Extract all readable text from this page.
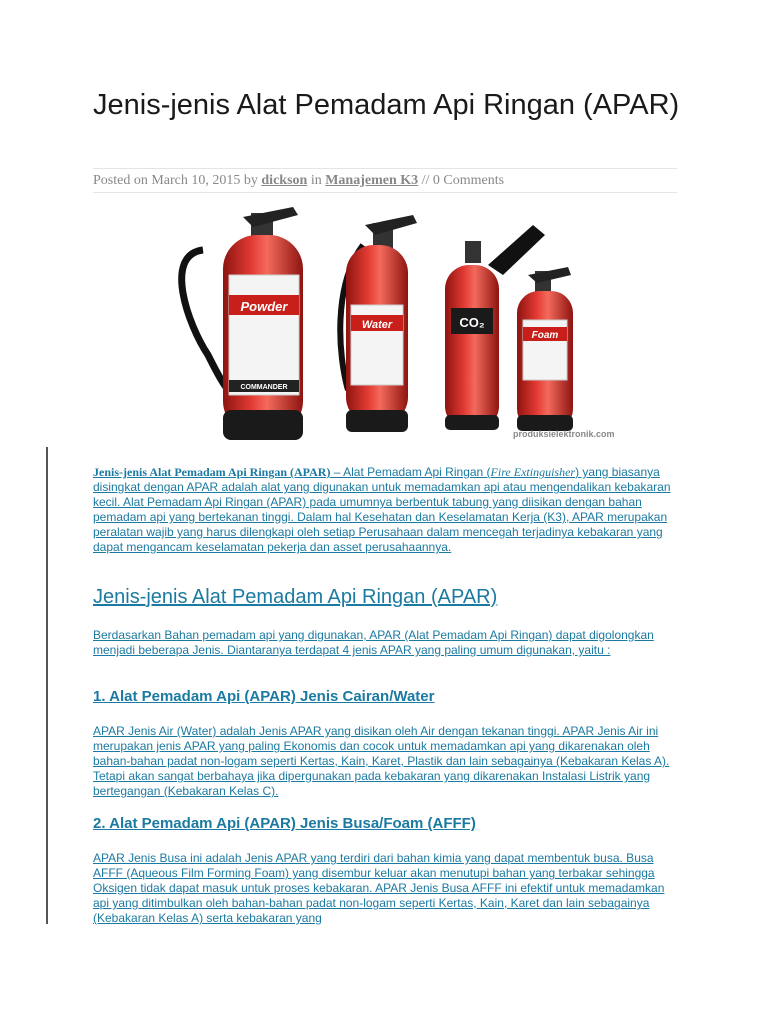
Jenis-jenis Alat Pemadam Api Ringan (APAR)
Posted on March 10, 2015 by dickson in Manajemen K3 // 0 Comments
Powder
COMMANDER
Water	CO₂
Foam
produksielektronik.com

Jenis-jenis Alat Pemadam Api Ringan (APAR) – Alat Pemadam Api Ringan (Fire Extinguisher) yang biasanya disingkat dengan APAR adalah alat yang digunakan untuk memadamkan api atau mengendalikan kebakaran kecil. Alat Pemadam Api Ringan (APAR) pada umumnya berbentuk tabung yang diisikan dengan bahan pemadam api yang bertekanan tinggi. Dalam hal Kesehatan dan Keselamatan Kerja (K3), APAR merupakan peralatan wajib yang harus dilengkapi oleh setiap Perusahaan dalam mencegah terjadinya kebakaran yang dapat mengancam keselamatan pekerja dan asset perusahaannya.

Jenis-jenis Alat Pemadam Api Ringan (APAR)

Berdasarkan Bahan pemadam api yang digunakan, APAR (Alat Pemadam Api Ringan) dapat digolongkan menjadi beberapa Jenis. Diantaranya terdapat 4 jenis APAR yang paling umum digunakan, yaitu :

1. Alat Pemadam Api (APAR) Jenis Cairan/Water

APAR Jenis Air (Water) adalah Jenis APAR yang disikan oleh Air dengan tekanan tinggi. APAR Jenis Air ini merupakan jenis APAR yang paling Ekonomis dan cocok untuk memadamkan api yang dikarenakan oleh bahan-bahan padat non-logam seperti Kertas, Kain, Karet, Plastik dan lain sebagainya (Kebakaran Kelas A). Tetapi akan sangat berbahaya jika dipergunakan pada kebakaran yang dikarenakan Instalasi Listrik yang bertegangan (Kebakaran Kelas C).

2. Alat Pemadam Api (APAR) Jenis Busa/Foam (AFFF)

APAR Jenis Busa ini adalah Jenis APAR yang terdiri dari bahan kimia yang dapat membentuk busa. Busa AFFF (Aqueous Film Forming Foam) yang disembur keluar akan menutupi bahan yang terbakar sehingga Oksigen tidak dapat masuk untuk proses kebakaran. APAR Jenis Busa AFFF ini efektif untuk memadamkan api yang ditimbulkan oleh bahan-bahan padat non-logam seperti Kertas, Kain, Karet dan lain sebagainya (Kebakaran Kelas A) serta kebakaran yang
